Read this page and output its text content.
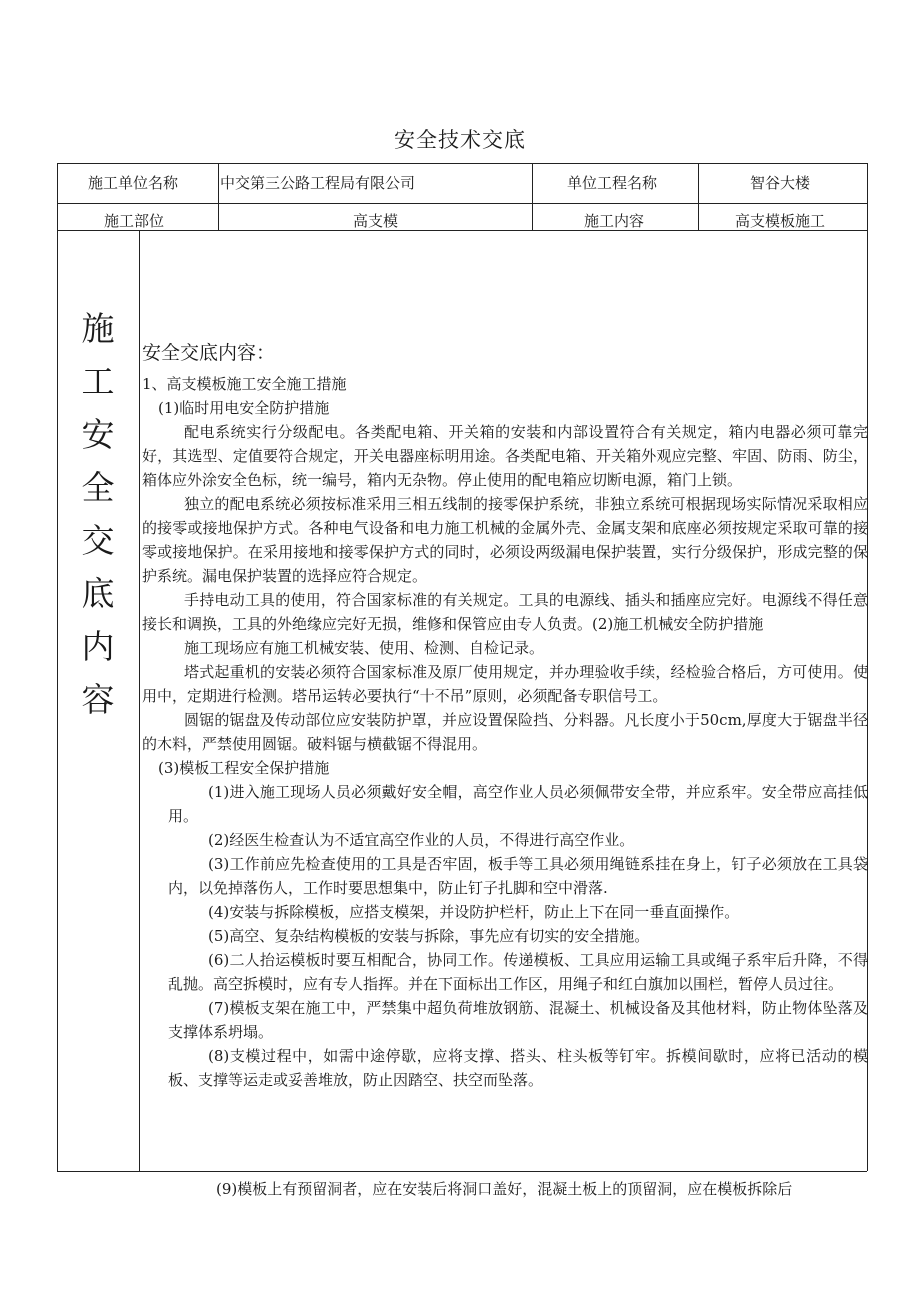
安全技术交底
施工单位名称	中交第三公路工程局有限公司	单位工程名称	智谷大楼
施工部位	高支模	施工内容	高支模板施工
施
工
安
全
交
底
内
容

安全交底内容：

1、高支模板施工安全施工措施

(1)临时用电安全防护措施

配电系统实行分级配电。各类配电箱、开关箱的安装和内部设置符合有关规定，箱内电器必须可靠完好，其选型、定值要符合规定，开关电器座标明用途。各类配电箱、开关箱外观应完整、牢固、防雨、防尘，箱体应外涂安全色标，统一编号，箱内无杂物。停止使用的配电箱应切断电源，箱门上锁。

独立的配电系统必须按标准采用三相五线制的接零保护系统，非独立系统可根据现场实际情况采取相应的接零或接地保护方式。各种电气设备和电力施工机械的金属外壳、金属支架和底座必须按规定采取可靠的接零或接地保护。在采用接地和接零保护方式的同时，必须设两级漏电保护装置，实行分级保护，形成完整的保护系统。漏电保护装置的选择应符合规定。

手持电动工具的使用，符合国家标准的有关规定。工具的电源线、插头和插座应完好。电源线不得任意接长和调换，工具的外绝缘应完好无损，维修和保管应由专人负责。(2)施工机械安全防护措施

施工现场应有施工机械安装、使用、检测、自检记录。

塔式起重机的安装必须符合国家标准及原厂使用规定，并办理验收手续，经检验合格后，方可使用。使用中，定期进行检测。塔吊运转必要执行“十不吊”原则，必须配备专职信号工。

圆锯的锯盘及传动部位应安装防护罩，并应设置保险挡、分料器。凡长度小于50cm,厚度大于锯盘半径的木料，严禁使用圆锯。破料锯与横截锯不得混用。

(3)模板工程安全保护措施

(1)进入施工现场人员必须戴好安全帽，高空作业人员必须佩带安全带，并应系牢。安全带应高挂低用。

(2)经医生检查认为不适宜高空作业的人员，不得进行高空作业。

(3)工作前应先检查使用的工具是否牢固，板手等工具必须用绳链系挂在身上，钉子必须放在工具袋内，以免掉落伤人，工作时要思想集中，防止钉子扎脚和空中滑落.

(4)安装与拆除模板，应搭支模架，并设防护栏杆，防止上下在同一垂直面操作。

(5)高空、复杂结构模板的安装与拆除，事先应有切实的安全措施。

(6)二人抬运模板时要互相配合，协同工作。传递模板、工具应用运输工具或绳子系牢后升降，不得乱抛。高空拆模时，应有专人指挥。并在下面标出工作区，用绳子和红白旗加以围栏，暂停人员过往。

(7)模板支架在施工中，严禁集中超负荷堆放钢筋、混凝土、机械设备及其他材料，防止物体坠落及支撑体系坍塌。

(8)支模过程中，如需中途停歇，应将支撑、搭头、柱头板等钉牢。拆模间歇时，应将已活动的模板、支撑等运走或妥善堆放，防止因踏空、扶空而坠落。

(9)模板上有预留洞者，应在安装后将洞口盖好，混凝土板上的顶留洞，应在模板拆除后
